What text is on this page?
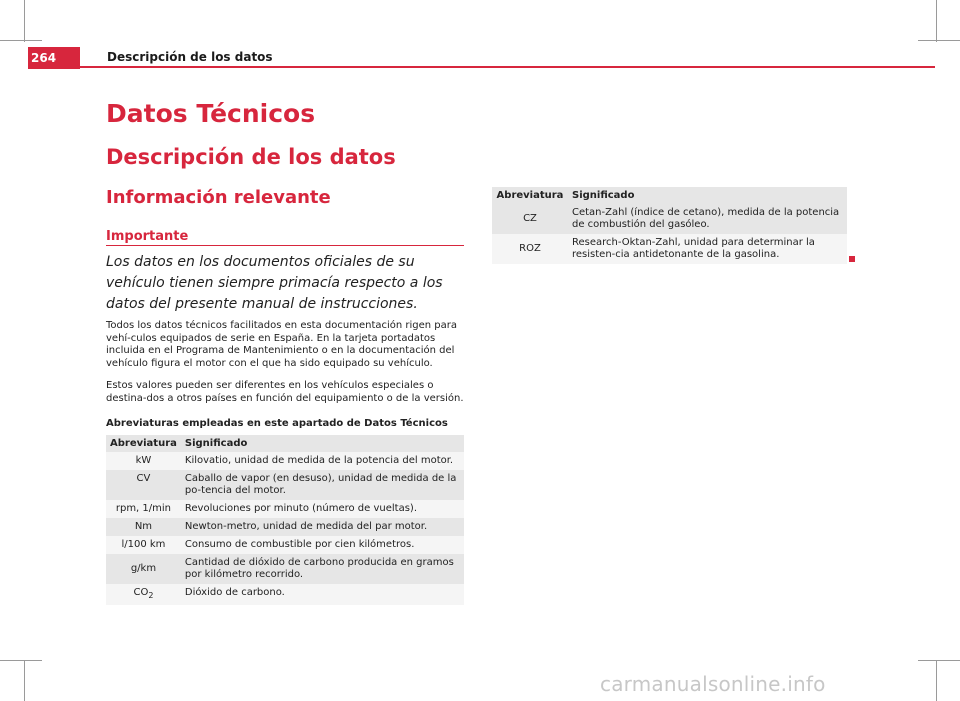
264	Descripción de los datos
Datos Técnicos
Descripción de los datos
Información relevante
Importante
Los datos en los documentos oficiales de su vehículo tienen siempre primacía respecto a los datos del presente manual de instrucciones.

Todos los datos técnicos facilitados en esta documentación rigen para vehí-culos equipados de serie en España. En la tarjeta portadatos incluida en el Programa de Mantenimiento o en la documentación del vehículo figura el motor con el que ha sido equipado su vehículo.

Estos valores pueden ser diferentes en los vehículos especiales o destina-dos a otros países en función del equipamiento o de la versión.

Abreviaturas empleadas en este apartado de Datos Técnicos

Abreviatura	Significado
kW	Kilovatio, unidad de medida de la potencia del motor.
CV	Caballo de vapor (en desuso), unidad de medida de la po-tencia del motor.
rpm, 1/min	Revoluciones por minuto (número de vueltas).
Nm	Newton-metro, unidad de medida del par motor.
l/100 km	Consumo de combustible por cien kilómetros.
g/km	Cantidad de dióxido de carbono producida en gramos por kilómetro recorrido.
$CO_2$	Dióxido de carbono.
Abreviatura	Significado
CZ	Cetan-Zahl (índice de cetano), medida de la potencia de combustión del gasóleo.
ROZ	Research-Oktan-Zahl, unidad para determinar la resisten-cia antidetonante de la gasolina.
carmanualsonline.info
